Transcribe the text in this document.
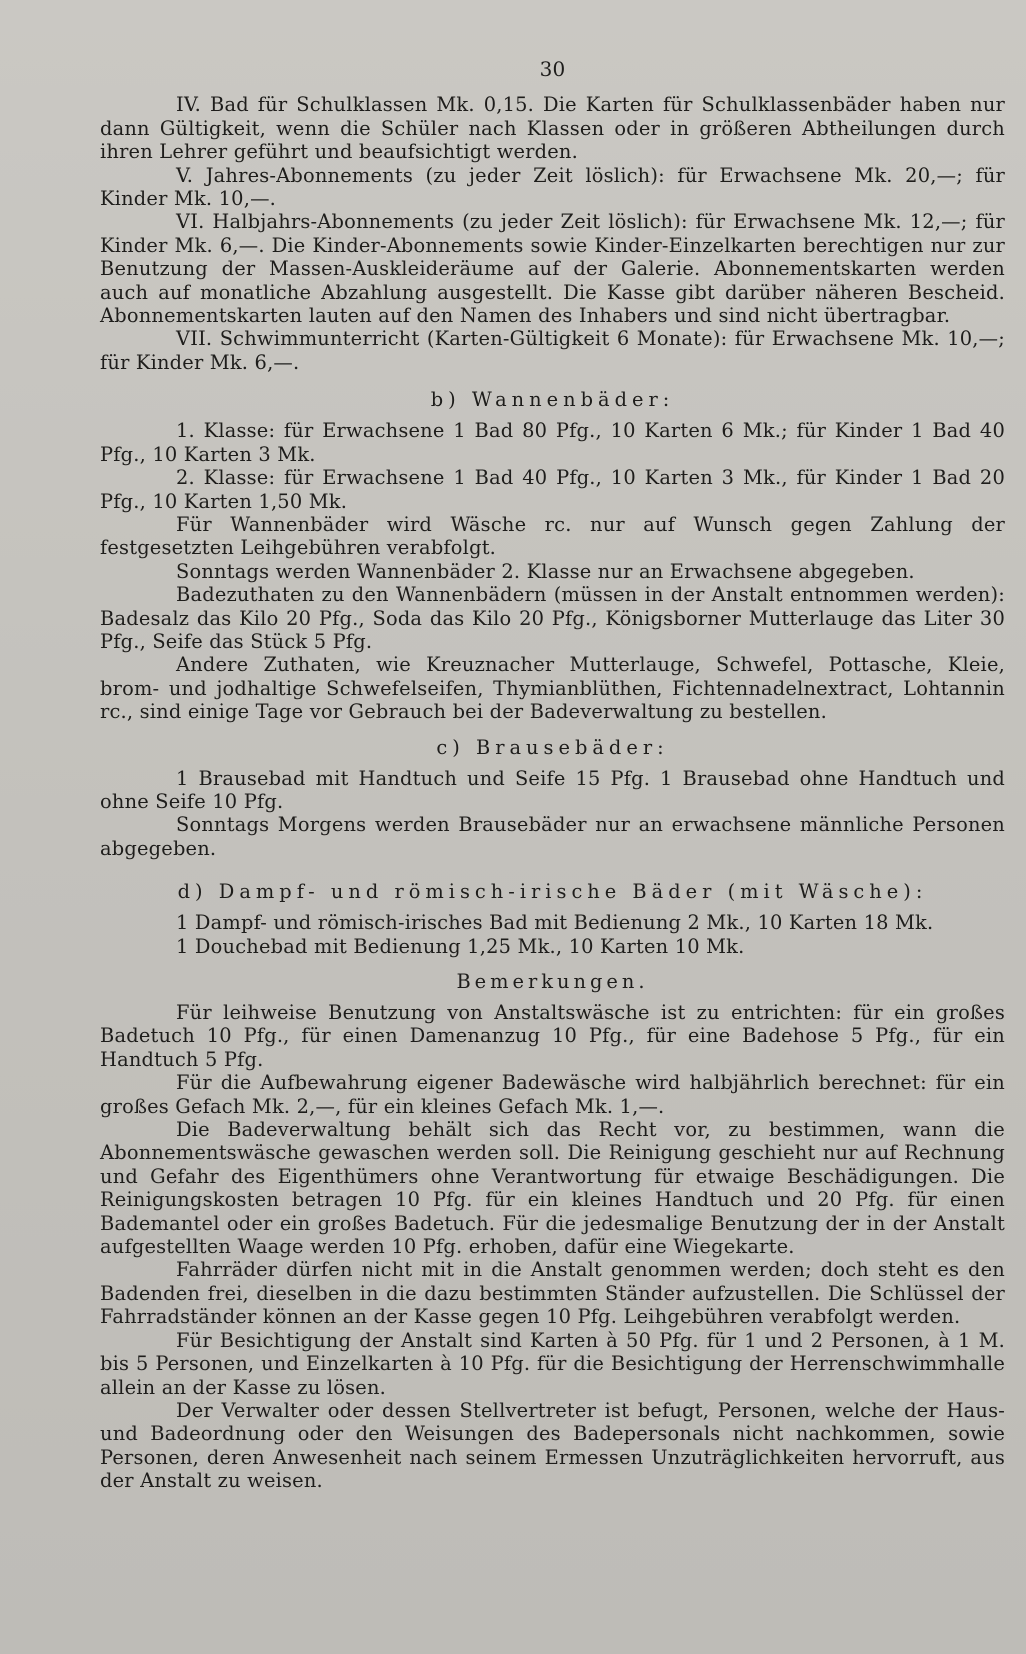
30

IV. Bad für Schulklassen Mk. 0,15. Die Karten für Schulklassenbäder haben nur dann Gültigkeit, wenn die Schüler nach Klassen oder in größeren Abtheilungen durch ihren Lehrer geführt und beaufsichtigt werden.

V. Jahres-Abonnements (zu jeder Zeit löslich): für Erwachsene Mk. 20,—; für Kinder Mk. 10,—.

VI. Halbjahrs-Abonnements (zu jeder Zeit löslich): für Erwachsene Mk. 12,—; für Kinder Mk. 6,—. Die Kinder-Abonnements sowie Kinder-Einzelkarten berechtigen nur zur Benutzung der Massen-Auskleideräume auf der Galerie. Abonnementskarten werden auch auf monatliche Abzahlung ausgestellt. Die Kasse gibt darüber näheren Bescheid. Abonnementskarten lauten auf den Namen des Inhabers und sind nicht übertragbar.

VII. Schwimmunterricht (Karten-Gültigkeit 6 Monate): für Erwachsene Mk. 10,—; für Kinder Mk. 6,—.

b) Wannenbäder:

1. Klasse: für Erwachsene 1 Bad 80 Pfg., 10 Karten 6 Mk.; für Kinder 1 Bad 40 Pfg., 10 Karten 3 Mk.

2. Klasse: für Erwachsene 1 Bad 40 Pfg., 10 Karten 3 Mk., für Kinder 1 Bad 20 Pfg., 10 Karten 1,50 Mk.

Für Wannenbäder wird Wäsche rc. nur auf Wunsch gegen Zahlung der festgesetzten Leihgebühren verabfolgt.

Sonntags werden Wannenbäder 2. Klasse nur an Erwachsene abgegeben.

Badezuthaten zu den Wannenbädern (müssen in der Anstalt entnommen werden): Badesalz das Kilo 20 Pfg., Soda das Kilo 20 Pfg., Königsborner Mutterlauge das Liter 30 Pfg., Seife das Stück 5 Pfg.

Andere Zuthaten, wie Kreuznacher Mutterlauge, Schwefel, Pottasche, Kleie, brom- und jodhaltige Schwefelseifen, Thymianblüthen, Fichtennadelnextract, Lohtannin rc., sind einige Tage vor Gebrauch bei der Badeverwaltung zu bestellen.

c) Brausebäder:

1 Brausebad mit Handtuch und Seife 15 Pfg. 1 Brausebad ohne Handtuch und ohne Seife 10 Pfg.

Sonntags Morgens werden Brausebäder nur an erwachsene männliche Personen abgegeben.

d) Dampf- und römisch-irische Bäder (mit Wäsche):

1 Dampf- und römisch-irisches Bad mit Bedienung 2 Mk., 10 Karten 18 Mk.

1 Douchebad mit Bedienung 1,25 Mk., 10 Karten 10 Mk.

Bemerkungen.

Für leihweise Benutzung von Anstaltswäsche ist zu entrichten: für ein großes Badetuch 10 Pfg., für einen Damenanzug 10 Pfg., für eine Badehose 5 Pfg., für ein Handtuch 5 Pfg.

Für die Aufbewahrung eigener Badewäsche wird halbjährlich berechnet: für ein großes Gefach Mk. 2,—, für ein kleines Gefach Mk. 1,—.

Die Badeverwaltung behält sich das Recht vor, zu bestimmen, wann die Abonnementswäsche gewaschen werden soll. Die Reinigung geschieht nur auf Rechnung und Gefahr des Eigenthümers ohne Verantwortung für etwaige Beschädigungen. Die Reinigungskosten betragen 10 Pfg. für ein kleines Handtuch und 20 Pfg. für einen Bademantel oder ein großes Badetuch. Für die jedesmalige Benutzung der in der Anstalt aufgestellten Waage werden 10 Pfg. erhoben, dafür eine Wiegekarte.

Fahrräder dürfen nicht mit in die Anstalt genommen werden; doch steht es den Badenden frei, dieselben in die dazu bestimmten Ständer aufzustellen. Die Schlüssel der Fahrradständer können an der Kasse gegen 10 Pfg. Leihgebühren verabfolgt werden.

Für Besichtigung der Anstalt sind Karten à 50 Pfg. für 1 und 2 Personen, à 1 M. bis 5 Personen, und Einzelkarten à 10 Pfg. für die Besichtigung der Herrenschwimmhalle allein an der Kasse zu lösen.

Der Verwalter oder dessen Stellvertreter ist befugt, Personen, welche der Haus- und Badeordnung oder den Weisungen des Badepersonals nicht nachkommen, sowie Personen, deren Anwesenheit nach seinem Ermessen Unzuträglichkeiten hervorruft, aus der Anstalt zu weisen.
